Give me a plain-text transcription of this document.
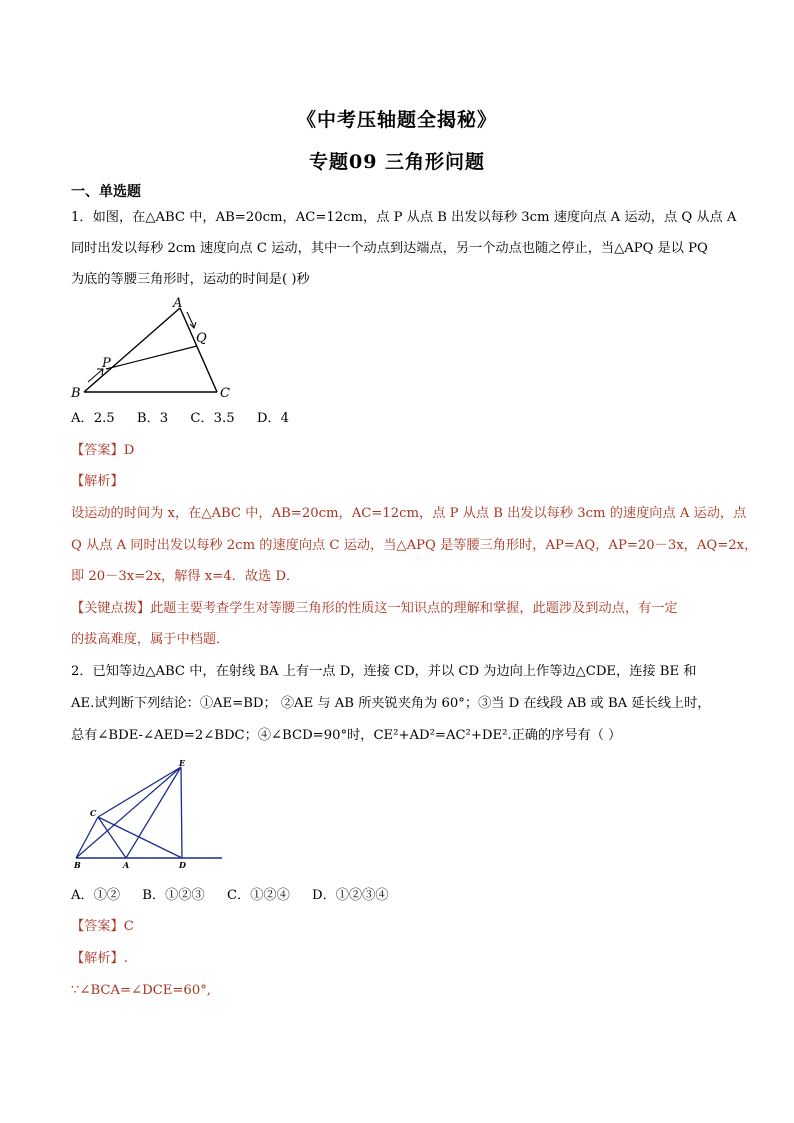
《中考压轴题全揭秘》
专题09 三角形问题
一、单选题
1．如图，在△ABC 中，AB=20cm，AC=12cm，点 P 从点 B 出发以每秒 3cm 速度向点 A 运动，点 Q 从点 A
同时出发以每秒 2cm 速度向点 C 运动，其中一个动点到达端点，另一个动点也随之停止，当△APQ 是以 PQ
为底的等腰三角形时，运动的时间是( )秒
A
B	C
P
Q
A．2.5 B．3 C．3.5 D．4
【答案】D
【解析】
设运动的时间为 x，在△ABC 中，AB=20cm，AC=12cm，点 P 从点 B 出发以每秒 3cm 的速度向点 A 运动，点
Q 从点 A 同时出发以每秒 2cm 的速度向点 C 运动，当△APQ 是等腰三角形时，AP=AQ，AP=20－3x，AQ=2x，
即 20－3x=2x，解得 x=4．故选 D．
【关键点拨】此题主要考查学生对等腰三角形的性质这一知识点的理解和掌握，此题涉及到动点，有一定
的拔高难度，属于中档题．
2．已知等边△ABC 中，在射线 BA 上有一点 D，连接 CD，并以 CD 为边向上作等边△CDE，连接 BE 和
AE.试判断下列结论：①AE=BD； ②AE 与 AB 所夹锐夹角为 60°；③当 D 在线段 AB 或 BA 延长线上时，
总有∠BDE-∠AED=2∠BDC；④∠BCD=90°时，CE²+AD²=AC²+DE².正确的序号有（ ）
E
C
B	A	D
A．①② B．①②③ C．①②④ D．①②③④
【答案】C
【解析】.
∵∠BCA=∠DCE=60°,
